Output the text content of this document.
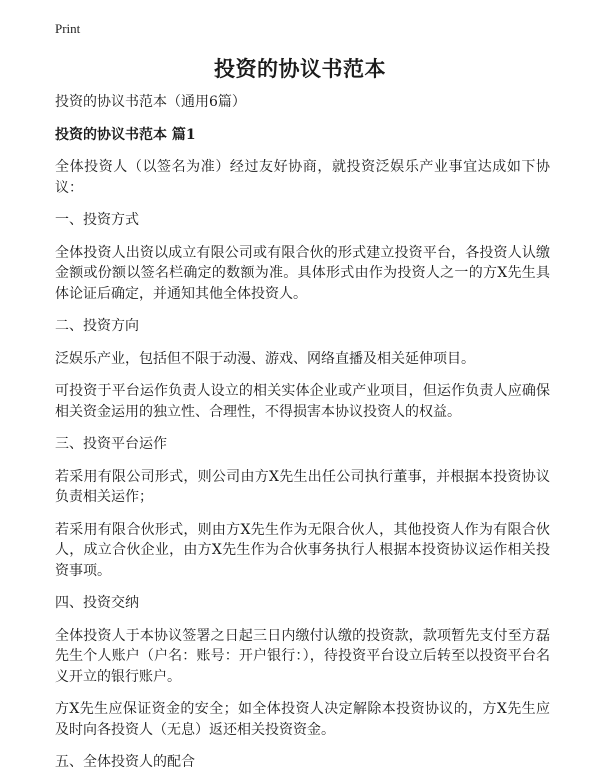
Print
投资的协议书范本

投资的协议书范本（通用6篇）

投资的协议书范本 篇1

全体投资人（以签名为准）经过友好协商，就投资泛娱乐产业事宜达成如下协议：

一、投资方式

全体投资人出资以成立有限公司或有限合伙的形式建立投资平台，各投资人认缴金额或份额以签名栏确定的数额为准。具体形式由作为投资人之一的方X先生具体论证后确定，并通知其他全体投资人。

二、投资方向

泛娱乐产业，包括但不限于动漫、游戏、网络直播及相关延伸项目。

可投资于平台运作负责人设立的相关实体企业或产业项目，但运作负责人应确保相关资金运用的独立性、合理性，不得损害本协议投资人的权益。

三、投资平台运作

若采用有限公司形式，则公司由方X先生出任公司执行董事，并根据本投资协议负责相关运作；

若采用有限合伙形式，则由方X先生作为无限合伙人，其他投资人作为有限合伙人，成立合伙企业，由方X先生作为合伙事务执行人根据本投资协议运作相关投资事项。

四、投资交纳

全体投资人于本协议签署之日起三日内缴付认缴的投资款，款项暂先支付至方磊先生个人账户（户名：账号：开户银行：），待投资平台设立后转至以投资平台名义开立的银行账户。

方X先生应保证资金的安全；如全体投资人决定解除本投资协议的，方X先生应及时向各投资人（无息）返还相关投资资金。

五、全体投资人的配合
